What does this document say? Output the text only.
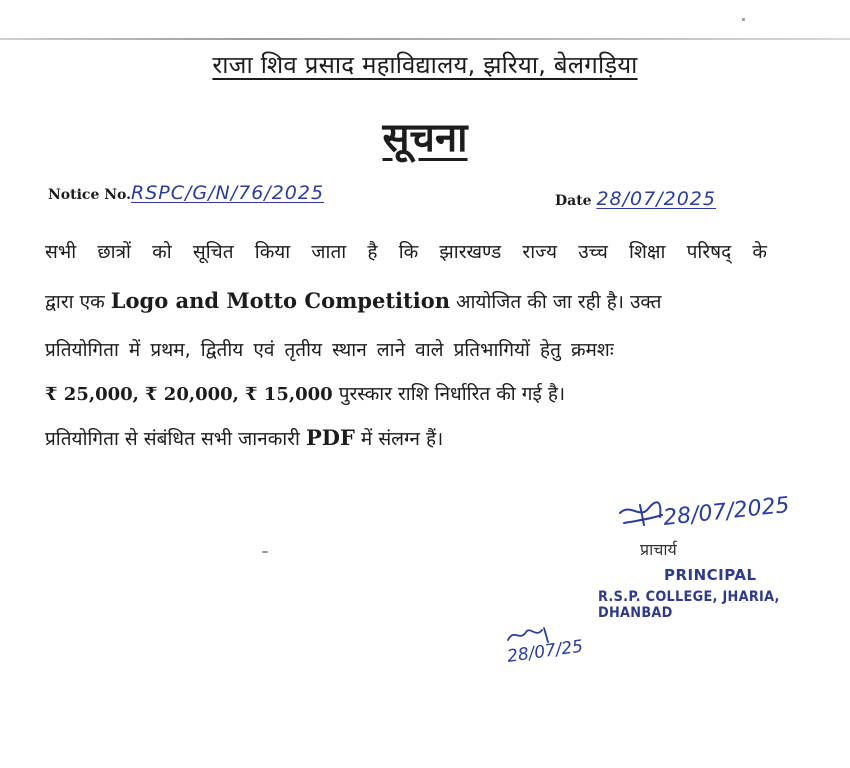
राजा शिव प्रसाद महाविद्यालय, झरिया, बेलगड़िया
सूचना
Notice No.RSPC/G/N/76/2025	Date 28/07/2025
सभी छात्रों को सूचित किया जाता है कि झारखण्ड राज्य उच्च शिक्षा परिषद् के
द्वारा एक Logo and Motto Competition आयोजित की जा रही है। उक्त
प्रतियोगिता में प्रथम, द्वितीय एवं तृतीय स्थान लाने वाले प्रतिभागियों हेतु क्रमशः
₹ 25,000, ₹ 20,000, ₹ 15,000 पुरस्कार राशि निर्धारित की गई है।
प्रतियोगिता से संबंधित सभी जानकारी PDF में संलग्न हैं।
28/07/2025
प्राचार्य
PRINCIPAL
R.S.P. COLLEGE, JHARIA, DHANBAD
28/07/25
